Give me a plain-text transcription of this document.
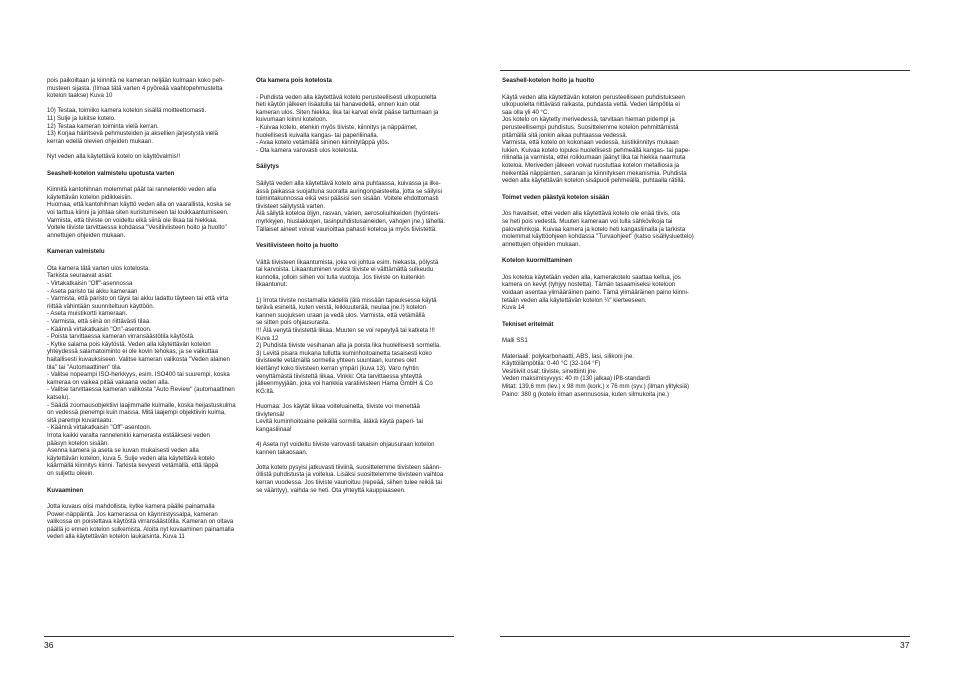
pois paikoiltaan ja kiinnitä ne kameran neljään kulmaan koko peh-
musteen sijasta. (Ilmaa tätä varten 4 pyöreää vaahtopehmustetta
kotelon taakse) Kuva 10

10) Testaa, toimiiko kamera kotelon sisällä moitteettomasti.
11) Sulje ja lukitse kotelo.
12) Testaa kameran toiminta vielä kerran.
13) Korjaa häiritsevä pehmusteiden ja aksellien järjestystä vielä
kerran edellä olevien ohjeiden mukaan.

Nyt veden alla käytettävä kotelo on käyttövalmis!!

Seashell-kotelon valmistelu upotusta varten

Kiinnitä kantohihnan molemmat päät tai rannelenkki veden alla
käytettävän kotelon pidikkeisiin.
Huomaa, että kantohihnan käyttö veden alla on vaarallista, koska se
voi tarttua kiinni ja johtaa siten kuristumiseen tai loukkaantumiseen.
Varmista, että tiiviste on voideltu eikä siinä ole likaa tai hiekkaa.
Voitele tiiviste tarvittaessa kohdassa "Vesitiiviisteen hoito ja huolto"
annettujen ohjeiden mukaan.

Kameran valmistelu

Ota kamera tätä varten ulos kotelosta.
Tarkista seuraavat asiat:
- Virtakatkaisin "Off"-asennossa
- Aseta paristo tai akku kameraan
- Varmista, että paristo on täysi tai akku ladattu täyteen tai että virta
riittää vähintään suunniteltuun käyttöön.
- Aseta muistikortti kameraan.
- Varmista, että siinä on riittävästi tilaa.
- Käännä virtakatkaisin "On"-asentoon.
- Poista tarvittaessa kameran virransäästötila käytöstä.
- Kytke salama pois käytöstä. Veden alla käytettävän kotelon
yhteydessä salamatoiminto ei ole kovin tehokas, ja se vaikuttaa
haitallisesti kuvauksiseen. Valitse kameran valikosta "Veden alainen
tila" tai "Automaattinen" tila.
- Valitse nopeampi ISO-herkkyys, esim. ISO400 tai suurempi, koska
kameraa on vaikea pitää vakaana veden alla.
- Valitse tarvittaessa kameran valikosta "Auto Review" (automaattinen
katselu).
- Säädä zoomausobjektiivi laajimmalle kulmalle, koska heijastuskulma
on vedessä pienempi kuin maissa. Mitä laajempi objektiivin kulma,
sitä parempi kuvanlaatu.
- Käännä virtakatkaisin "Off"-asentoon.
Irrota kaikki varalta rannelenkki kamerasta estääksesi veden
pääsyn kotelon sisään.
Asenna kamera ja aseta se kuvan mukaisesti veden alla
käytettävän kotelon, kuva 5. Sulje veden alla käytettävä kotelo
käärmällä kiinnitys kiinni. Tarkista kevyesti vetämällä, että läppä
on suljettu oikein.

Kuvaaminen

Jotta kuvaus olisi mahdollista, kytke kamera päälle painamalla
Power-näppäintä. Jos kamerassa on käynnistyssalpa, kameran
valikossa on poistettava käytöstä virransäästötila. Kameran on oltava
päällä jo ennen kotelon sulkemista. Aloita nyt kuvaaminen painamalla
veden alla käytettävän kotelon laukaisinta. Kuva 11

Ota kamera pois kotelosta

- Puhdista veden alla käytettävä kotelo perusteellisesti ulkopuolelta
heti käytön jälkeen lisäatulla tai hanavedellä, ennen kuin otat
kameran ulos. Siten hiekka, lika tai karvat eivät pääse tarttumaan ja
kuivumaan kiinni koteloon.
- Kuivaa kotelo, etenkin myös tiiviste, kiinnitys ja näppäimet,
huolellisesti kuivalla kangas- tai paperiliinalla.
- Avaa kotelo vetämällä sininen kiinnityläppä ylös.
- Ota kamera varovasti ulos kotelosta.

Säilytys

Säilytä veden alla käytettävä kotelo aina puhtaassa, kuivassa ja ilke-
ässä paikassa suojattuna suoralta auringonpaisteelta, jotta se säilyisi
toimintakunnossa eikä vesi pääsisi sen sisään. Voitele ehdottomasti
tiivisteet säilytystä varten.
Älä säilytä koteloa öljyn, rasvan, värien, aerosoliuihkeiden (hyönteis-
myrkkyjen, hiuslakkojen, tasinpuhdistusaineiden, vahojen jne.) lähellä.
Tällaiset aineet voivat vaurioittaa pahasti koteloa ja myös tiivistettä.

Vesitiivisteen hoito ja huolto

Vältä tiivisteen likaantumista, joka voi johtua esim. hiekasta, pölystä
tai karvoista. Likaantuminen vuoksi tiiviste ei välttämättä sulkeudu
kunnolla, jolloin siihen voi tulla vuotoja. Jos tiiviste on kuitenkin
likaantunut:

1) Irrota tiiviste nostamalla kädellä (älä missään tapauksessa käytä
terävä esineitä, kuten veistä, leikkuuterää, neulaa jne.!) kotelon
kannen suojuksen uraan ja vedä ulos. Varmista, että vetämällä
se sitten pois ohjausurasta.
!!! Älä venytä tiivistettä liikaa. Muuten se voi repeytyä tai katketa !!!
Kuva 12
2) Puhdista tiiviste vesihanan alla ja poista lika huolellisesti sormella.
3) Levitä pisara mukana tullutta kuminhoitoainetta tasaisesti koko
tiivisteelle vetämällä sormella yhteen suuntaan, kunnes olet
kiertänyt koko tiivisteen kerran ympäri (kuva 13). Varo nyhtin
venyttämästä tiivistettä liikaa. Vinkki: Ota tarvittaessa yhteyttä
jälleenmyyjään, joka voi hankkia varatiivisteen Hama GmbH & Co
KG:ltä.

Huomaa: Jos käytät liikaa voiteluainetta, tiiviste voi menettää
tiiviytensä!
Levitä kuminhoitoaine pelkällä sormilla, äläkä käytä paperi- tai
kangasliinaa!

4) Aseta nyt voideltu tiiviste varovasti takaisin ohjausuraan kotelon
kannen takaosaan.

Jotta kotelo pysyisi jatkuvasti tiiviinä, suosittelemme tiivisteen säänn-
öllistä puhdistusta ja voitelua. Lisäksi suosittelemme tiivisteen vaihtoa
kerran vuodessa. Jos tiiviste vaurioituu (repeää, siihen tulee reikiä tai
se vääntyy), vaihda se heti. Ota yhteyttä kauppiaaseen.

36

Seashell-kotelon hoito ja huolto

Käytä veden alla käytettävän kotelon perusteelliseen puhdistukseen
ulkopuolelta riittävästi raikasta, puhdasta vettä. Veden lämpötila ei
saa olla yli 40 °C.
Jos kotelo on käytetty merivedessä, tarvitaan hieman pidempi ja
perusteellisempi puhdistus. Suosittelemme kotelon pehmittämistä
pitämällä sitä jonkin aikaa puhtaassa vedessä.
Varmista, että kotelo on kokonaan vedessä, luistikiinnitys mukaan
lukien. Kuivaa kotelo lopuksi huolellisesti pehmeällä kangas- tai pape-
riliinalla ja varmista, ettei roikkumaan jäänyt lika tai hiekka naarmuta
koteloa. Meriveden jälkeen voivat ruostuttaa kotelon metalliosia ja
heikentää näppäinten, saranan ja kiinnityksen mekanismia. Puhdista
veden alla käytettävän kotelon sisäpuoli pehmeällä, puhtaalla rätillä.

Toimet veden päästyä kotelon sisään

Jos havaitset, ettei veden alla käytettävä kotelo ole enää tiivis, ota
se heti pois vedestä. Muuten kameraan voi tulla sähkövikoja tai
palovahinkoja. Kuivaa kamera ja kotelo heti kangasliinalla ja tarkista
molemmat käyttöohjeen kohdassa "Turvaohjeet" (katso sisällysluettelo) annettujen ohjeiden mukaan.

Kotelon kuormittaminen

Jos koteloa käytetään veden alla, kamerakotelo saattaa kellua, jos
kamera on kevyt (tyhjyy nostetta). Tämän tasaamiseksi koteloon
voidaan asentaa ylimääräinen paino. Tämä ylimääräinen paino kiinni-
tetään veden alla käytettävän kotelon ¼" kierteeseen.
Kuva 14

Tekniset eritelmät

Malli SS1

Materiaali: polykarbonaatti, ABS, lasi, silikoni jne.
Käyttölämpötila: 0-40 °C (32-104 °F)
Vesitiiviit osat: tiiviste, sinettiinti jne.
Veden maksimisyvyys: 40 m (130 jalkaa) IP8-standardi
Mitat: 139,6 mm (lev.) x 98 mm (kork.) x 76 mm (syv.) (ilman ylityksiä)
Paino: 380 g (kotelo ilman asennusosia, kuten silmukoita jne.)

37
